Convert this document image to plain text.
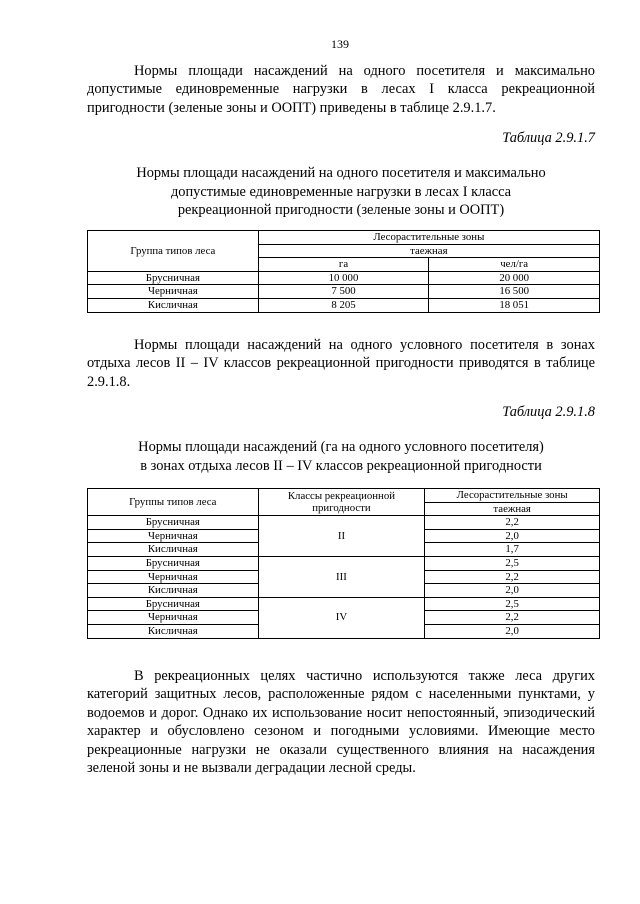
139

Нормы площади насаждений на одного посетителя и максимально допустимые единовременные нагрузки в лесах I класса рекреационной пригодности (зеленые зоны и ООПТ) приведены в таблице 2.9.1.7.

Таблица 2.9.1.7
Нормы площади насаждений на одного посетителя и максимально
допустимые единовременные нагрузки в лесах I класса
рекреационной пригодности (зеленые зоны и ООПТ)
Группа типов леса	Лесорастительные зоны	
	таежная	
	га	чел/га
Брусничная	10 000	20 000
Черничная	7 500	16 500
Кисличная	8 205	18 051

Нормы площади насаждений на одного условного посетителя в зонах отдыха лесов II – IV классов рекреационной пригодности приводятся в таблице 2.9.1.8.

Таблица 2.9.1.8
Нормы площади насаждений (га на одного условного посетителя)
в зонах отдыха лесов II – IV классов рекреационной пригодности
Группы типов леса	Классы рекреационной пригодности	Лесорастительные зоны
		таежная
Брусничная	II	2,2
Черничная		2,0
Кисличная		1,7
Брусничная	III	2,5
Черничная		2,2
Кисличная		2,0
Брусничная	IV	2,5
Черничная		2,2
Кисличная		2,0

В рекреационных целях частично используются также леса других категорий защитных лесов, расположенные рядом с населенными пунктами, у водоемов и дорог. Однако их использование носит непостоянный, эпизодический характер и обусловлено сезоном и погодными условиями. Имеющие место рекреационные нагрузки не оказали существенного влияния на насаждения зеленой зоны и не вызвали деградации лесной среды.
